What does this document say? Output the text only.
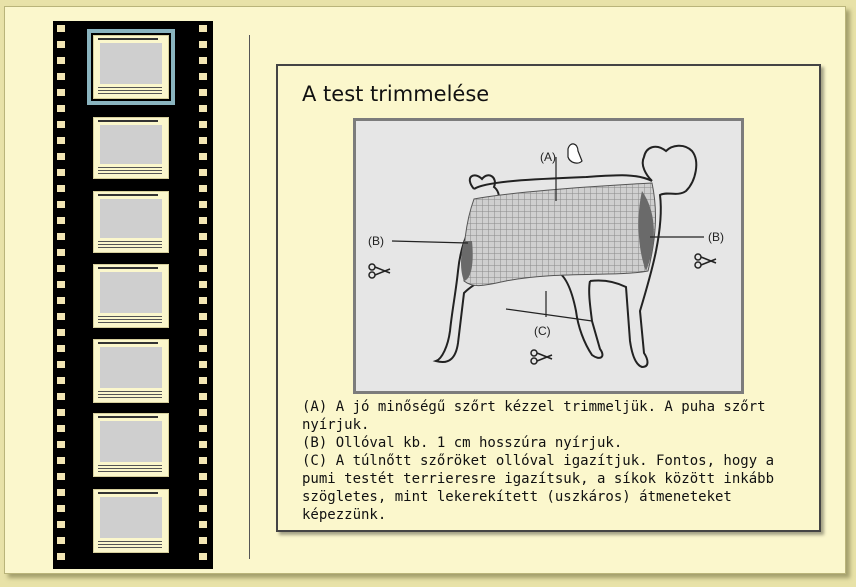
A test trimmelése
(A)
(B)	(B)
(C)
(A) A jó minőségű szőrt kézzel trimmeljük. A puha szőrt nyírjuk.
(B) Ollóval kb. 1 cm hosszúra nyírjuk.
(C) A túlnőtt szőröket ollóval igazítjuk. Fontos, hogy a pumi testét terrieresre igazítsuk, a síkok között inkább szögletes, mint lekerekített (uszkáros) átmeneteket képezzünk.
